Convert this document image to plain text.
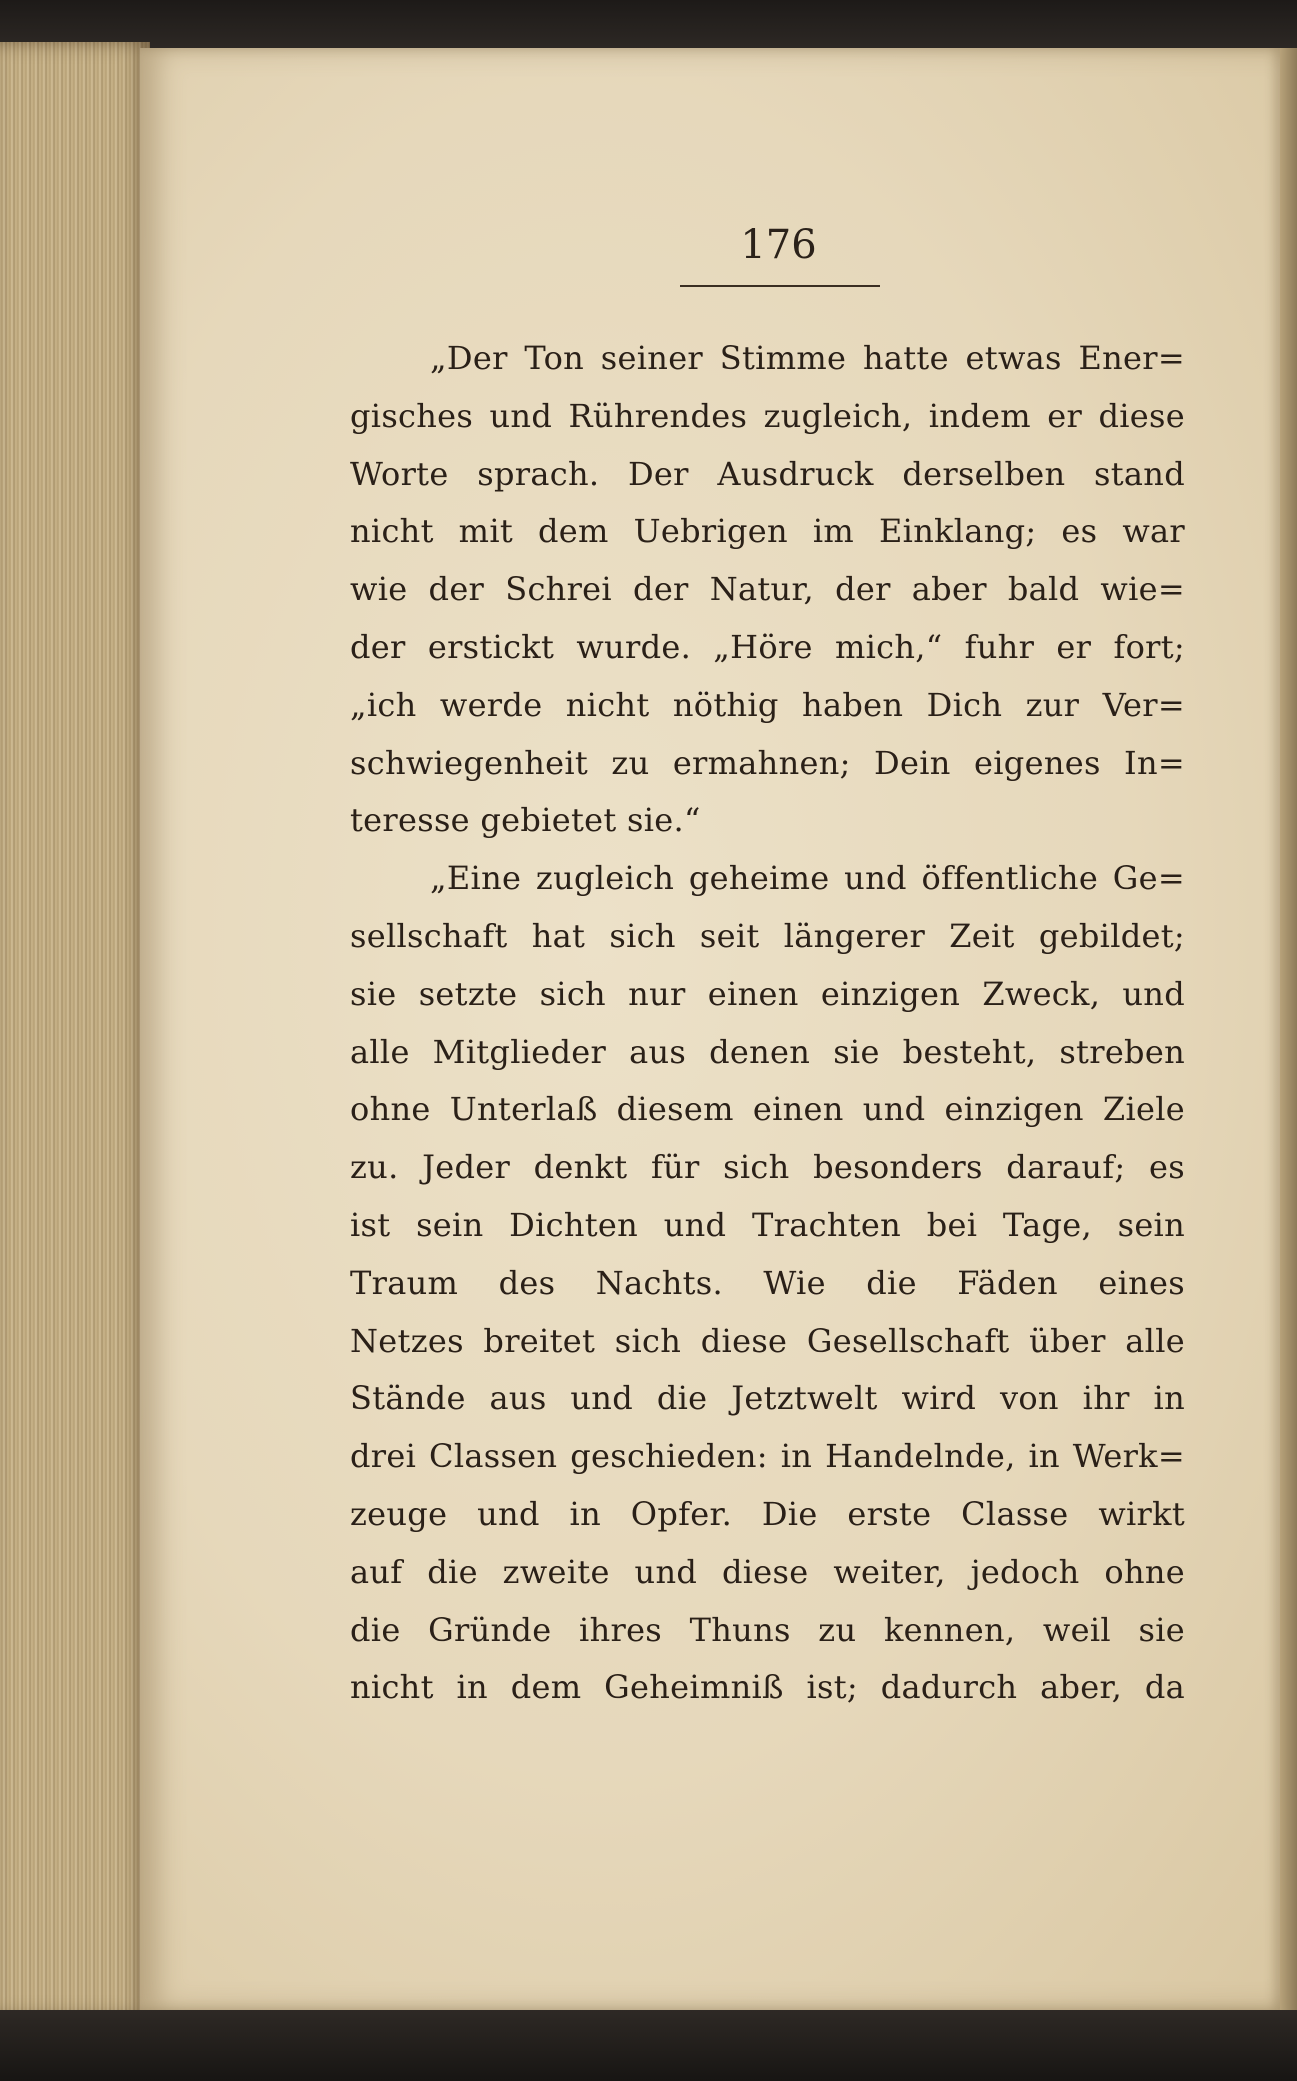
176

„Der Ton seiner Stimme hatte etwas Ener=
gisches und Rührendes zugleich, indem er diese
Worte sprach. Der Ausdruck derselben stand
nicht mit dem Uebrigen im Einklang; es war
wie der Schrei der Natur, der aber bald wie=
der erstickt wurde. „Höre mich,“ fuhr er fort;
„ich werde nicht nöthig haben Dich zur Ver=
schwiegenheit zu ermahnen; Dein eigenes In=
teresse gebietet sie.“

„Eine zugleich geheime und öffentliche Ge=
sellschaft hat sich seit längerer Zeit gebildet;
sie setzte sich nur einen einzigen Zweck, und
alle Mitglieder aus denen sie besteht, streben
ohne Unterlaß diesem einen und einzigen Ziele
zu. Jeder denkt für sich besonders darauf; es
ist sein Dichten und Trachten bei Tage, sein
Traum des Nachts. Wie die Fäden eines
Netzes breitet sich diese Gesellschaft über alle
Stände aus und die Jetztwelt wird von ihr in
drei Classen geschieden: in Handelnde, in Werk=
zeuge und in Opfer. Die erste Classe wirkt
auf die zweite und diese weiter, jedoch ohne
die Gründe ihres Thuns zu kennen, weil sie
nicht in dem Geheimniß ist; dadurch aber, da
